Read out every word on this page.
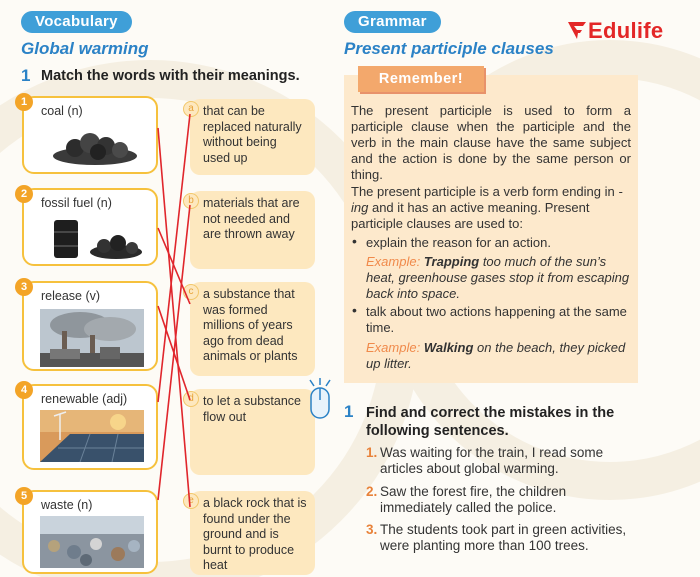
Edulife
Vocabulary
Global warming
1 Match the words with their meanings.
1
coal (n)
2
fossil fuel (n)
3
release (v)
4
renewable (adj)
5
waste (n)
a that can be replaced naturally without being used up
b materials that are not needed and are thrown away
c a substance that was formed millions of years ago from dead animals or plants
d to let a substance flow out
e a black rock that is found under the ground and is burnt to produce heat
Grammar
Present participle clauses
Remember!
The present participle is used to form a participle clause when the participle and the verb in the main clause have the same subject and the action is done by the same person or thing.
The present participle is a verb form ending in -ing and it has an active meaning. Present participle clauses are used to:
• explain the reason for an action.
Example: Trapping too much of the sun’s heat, greenhouse gases stop it from escaping back into space.
• talk about two actions happening at the same time.
Example: Walking on the beach, they picked up litter.
1 Find and correct the mistakes in the
following sentences.
1. Was waiting for the train, I read some
articles about global warming.
2. Saw the forest fire, the children
immediately called the police.
3. The students took part in green activities,
were planting more than 100 trees.
